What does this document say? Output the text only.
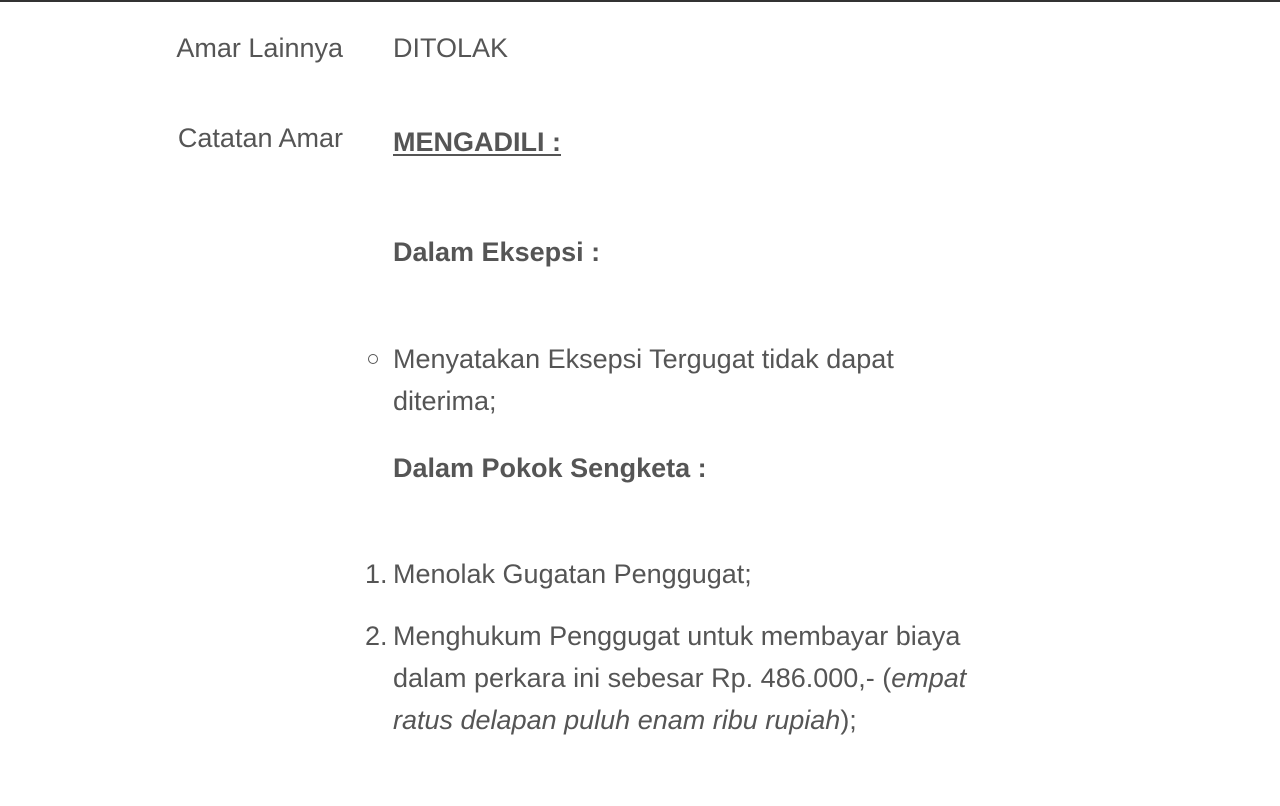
Amar Lainnya DITOLAK
Catatan Amar MENGADILI :
Dalam Eksepsi :
Menyatakan Eksepsi Tergugat tidak dapat
diterima;
Dalam Pokok Sengketa :
1. Menolak Gugatan Penggugat;
2. Menghukum Penggugat untuk membayar biaya
dalam perkara ini sebesar Rp. 486.000,- (empat
ratus delapan puluh enam ribu rupiah);
